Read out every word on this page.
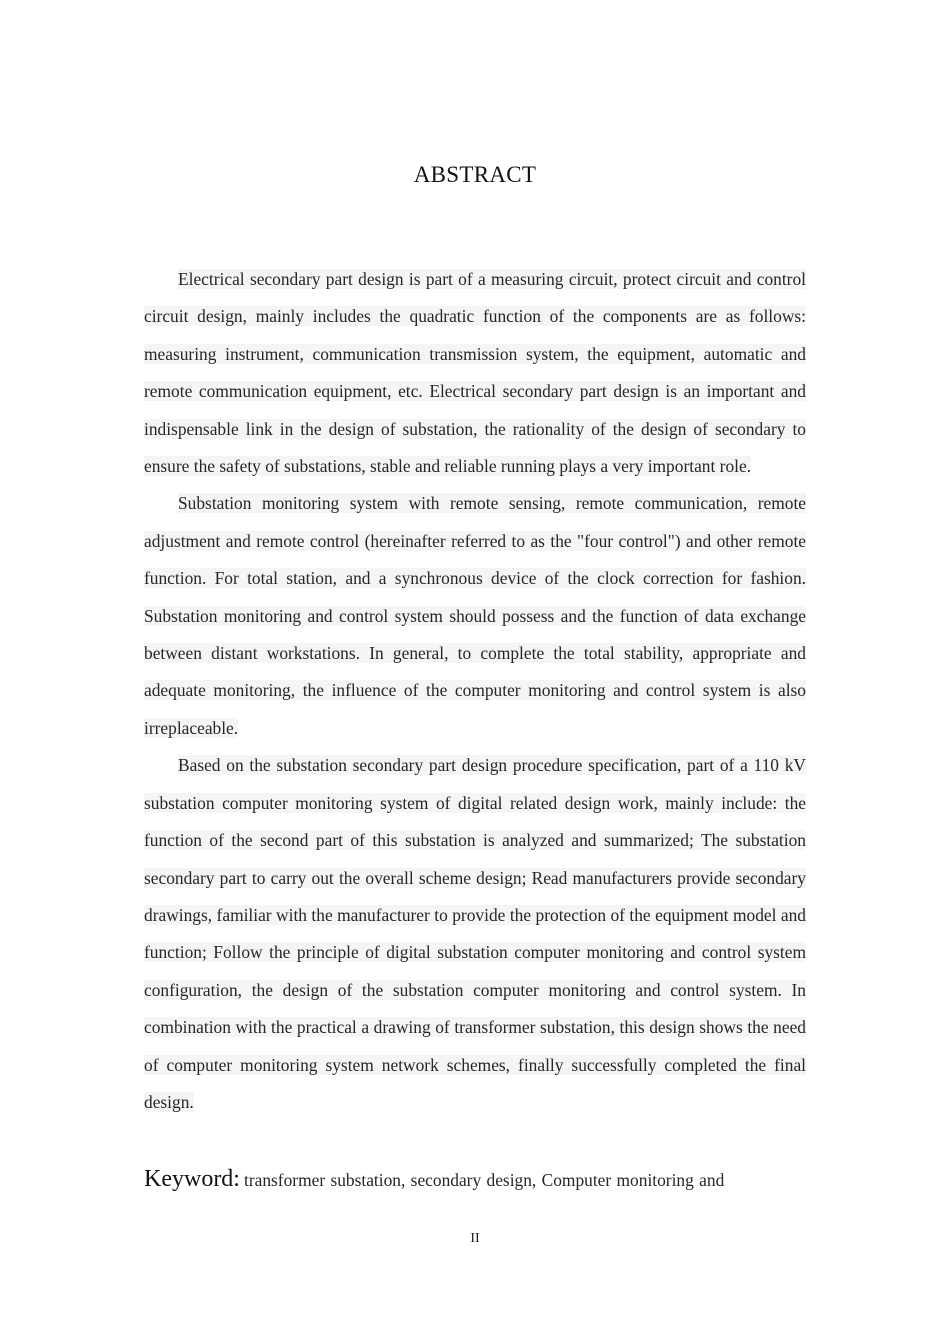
ABSTRACT

Electrical secondary part design is part of a measuring circuit, protect circuit and control circuit design, mainly includes the quadratic function of the components are as follows: measuring instrument, communication transmission system, the equipment, automatic and remote communication equipment, etc. Electrical secondary part design is an important and indispensable link in the design of substation, the rationality of the design of secondary to ensure the safety of substations, stable and reliable running plays a very important role.

Substation monitoring system with remote sensing, remote communication, remote adjustment and remote control (hereinafter referred to as the "four control") and other remote function. For total station, and a synchronous device of the clock correction for fashion. Substation monitoring and control system should possess and the function of data exchange between distant workstations. In general, to complete the total stability, appropriate and adequate monitoring, the influence of the computer monitoring and control system is also irreplaceable.

Based on the substation secondary part design procedure specification, part of a 110 kV substation computer monitoring system of digital related design work, mainly include: the function of the second part of this substation is analyzed and summarized; The substation secondary part to carry out the overall scheme design; Read manufacturers provide secondary drawings, familiar with the manufacturer to provide the protection of the equipment model and function; Follow the principle of digital substation computer monitoring and control system configuration, the design of the substation computer monitoring and control system. In combination with the practical a drawing of transformer substation, this design shows the need of computer monitoring system network schemes, finally successfully completed the final design.

Keyword: transformer substation, secondary design, Computer monitoring and
II
